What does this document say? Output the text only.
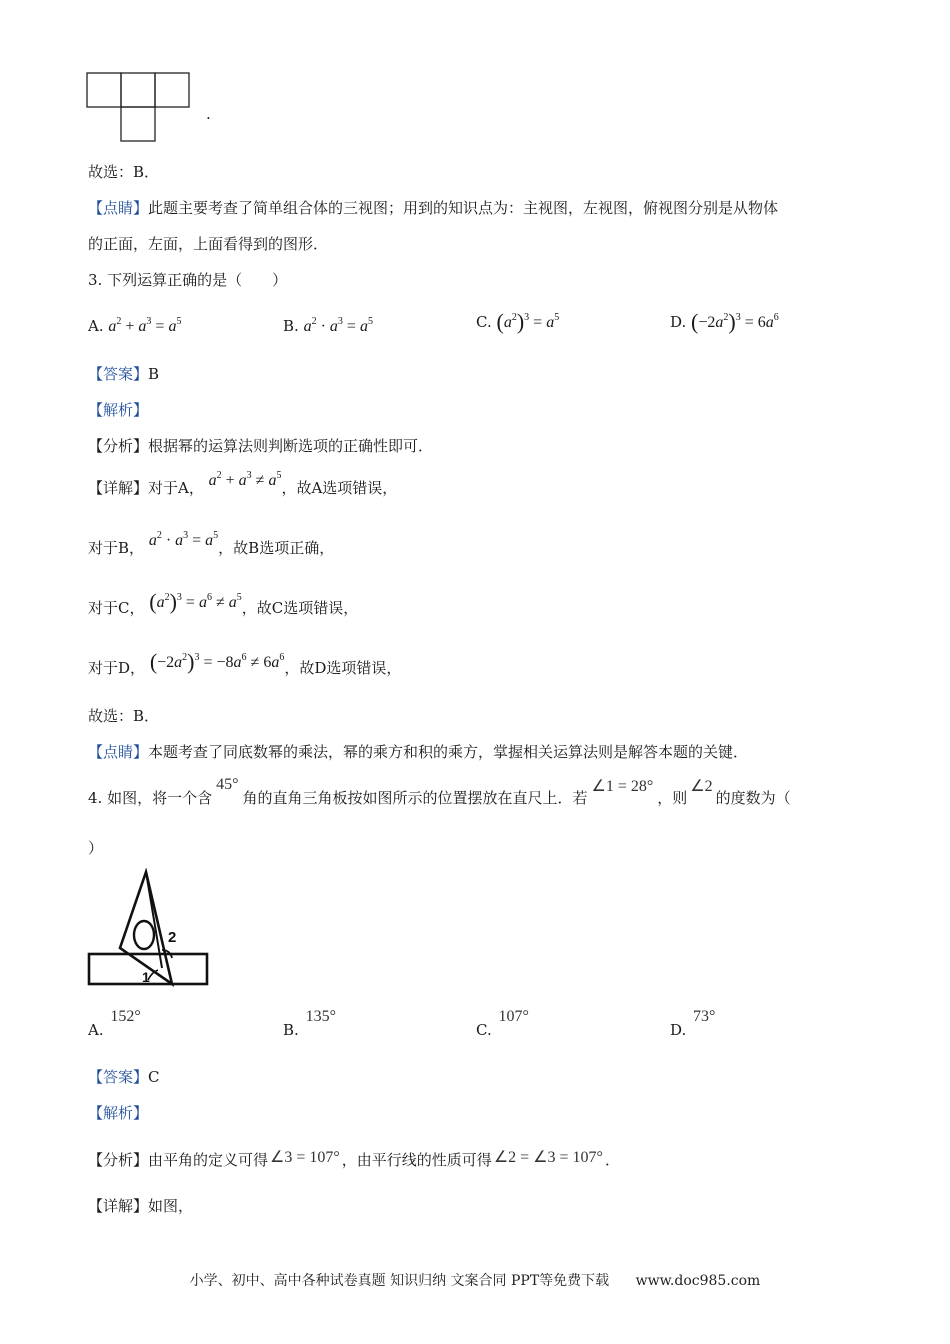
.
故选：B．
【点睛】此题主要考查了简单组合体的三视图；用到的知识点为：主视图，左视图，俯视图分别是从物体
的正面，左面，上面看得到的图形．
3. 下列运算正确的是（　　）
A. $a^2 + a^3 = a^5$	B. $a^2 \cdot a^3 = a^5$	C. $(a^2)^3 = a^5$	D. $(-2a^2)^3 = 6a^6$
【答案】B
【解析】
【分析】根据幂的运算法则判断选项的正确性即可．
【详解】对于A， $a^2 + a^3 \ne a^5$，故A选项错误，
对于B， $a^2 \cdot a^3 = a^5$，故B选项正确，
对于C， $(a^2)^3 = a^6 \ne a^5$，故C选项错误，
对于D， $(-2a^2)^3 = -8a^6 \ne 6a^6$，故D选项错误，
故选：B．
【点睛】本题考查了同底数幂的乘法，幂的乘方和积的乘方，掌握相关运算法则是解答本题的关键．
4. 如图，将一个含45°角的直角三角板按如图所示的位置摆放在直尺上．若∠1 = 28°，则∠2的度数为（
）
2
1
A. 152°
B. 135°
C. 107°
D. 73°
【答案】C
【解析】
【分析】由平角的定义可得 ∠3 = 107° ，由平行线的性质可得 ∠2 = ∠3 = 107° ．
【详解】如图，
小学、初中、高中各种试卷真题 知识归纳 文案合同 PPT等免费下载 www.doc985.com
